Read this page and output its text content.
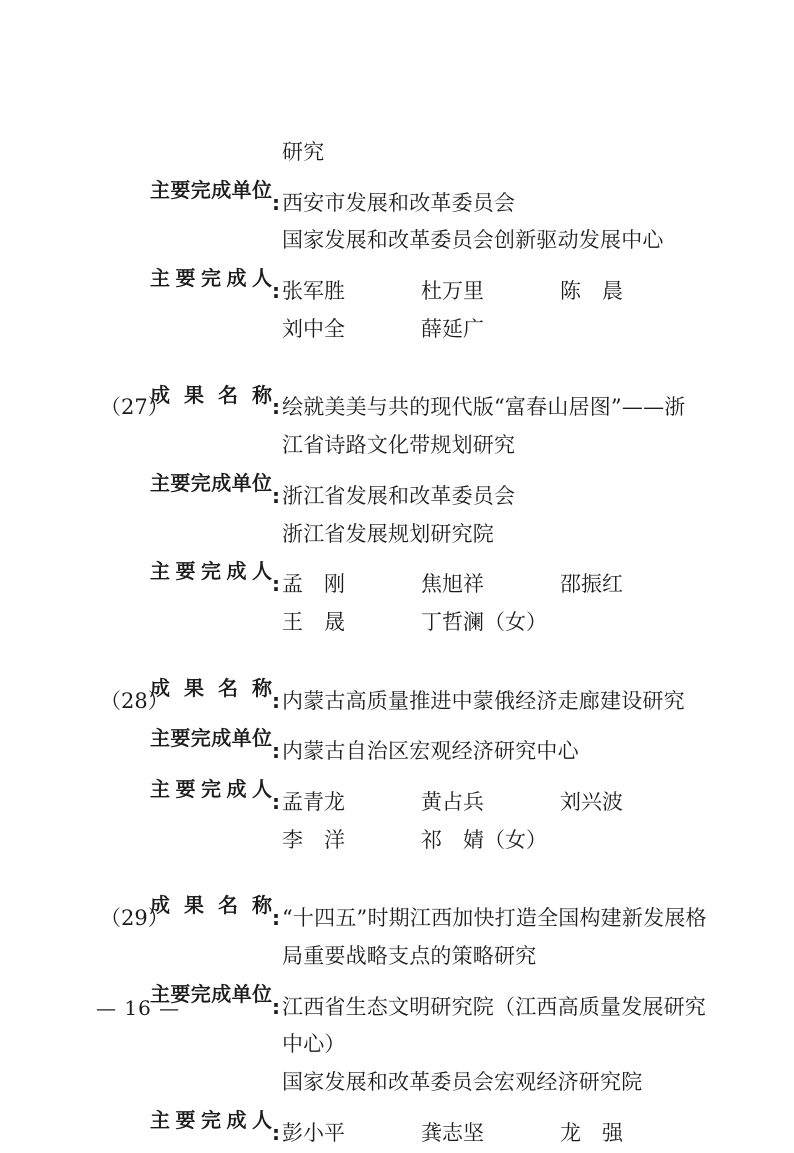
研究
主要完成单位: 西安市发展和改革委员会
国家发展和改革委员会创新驱动发展中心
主要完成人: 张军胜	杜万里	陈　晨
刘中全	薛延广
（27）
成果名称: 绘就美美与共的现代版“富春山居图”——浙
江省诗路文化带规划研究
主要完成单位: 浙江省发展和改革委员会
浙江省发展规划研究院
主要完成人: 孟　刚	焦旭祥	邵振红
王　晟	丁哲澜（女）
（28）
成果名称: 内蒙古高质量推进中蒙俄经济走廊建设研究
主要完成单位: 内蒙古自治区宏观经济研究中心
主要完成人: 孟青龙	黄占兵	刘兴波
李　洋	祁　婧（女）
（29）
成果名称: “十四五”时期江西加快打造全国构建新发展格
局重要战略支点的策略研究
主要完成单位: 江西省生态文明研究院（江西高质量发展研究
中心）
国家发展和改革委员会宏观经济研究院
主要完成人: 彭小平	龚志坚	龙　强
— 16 —
